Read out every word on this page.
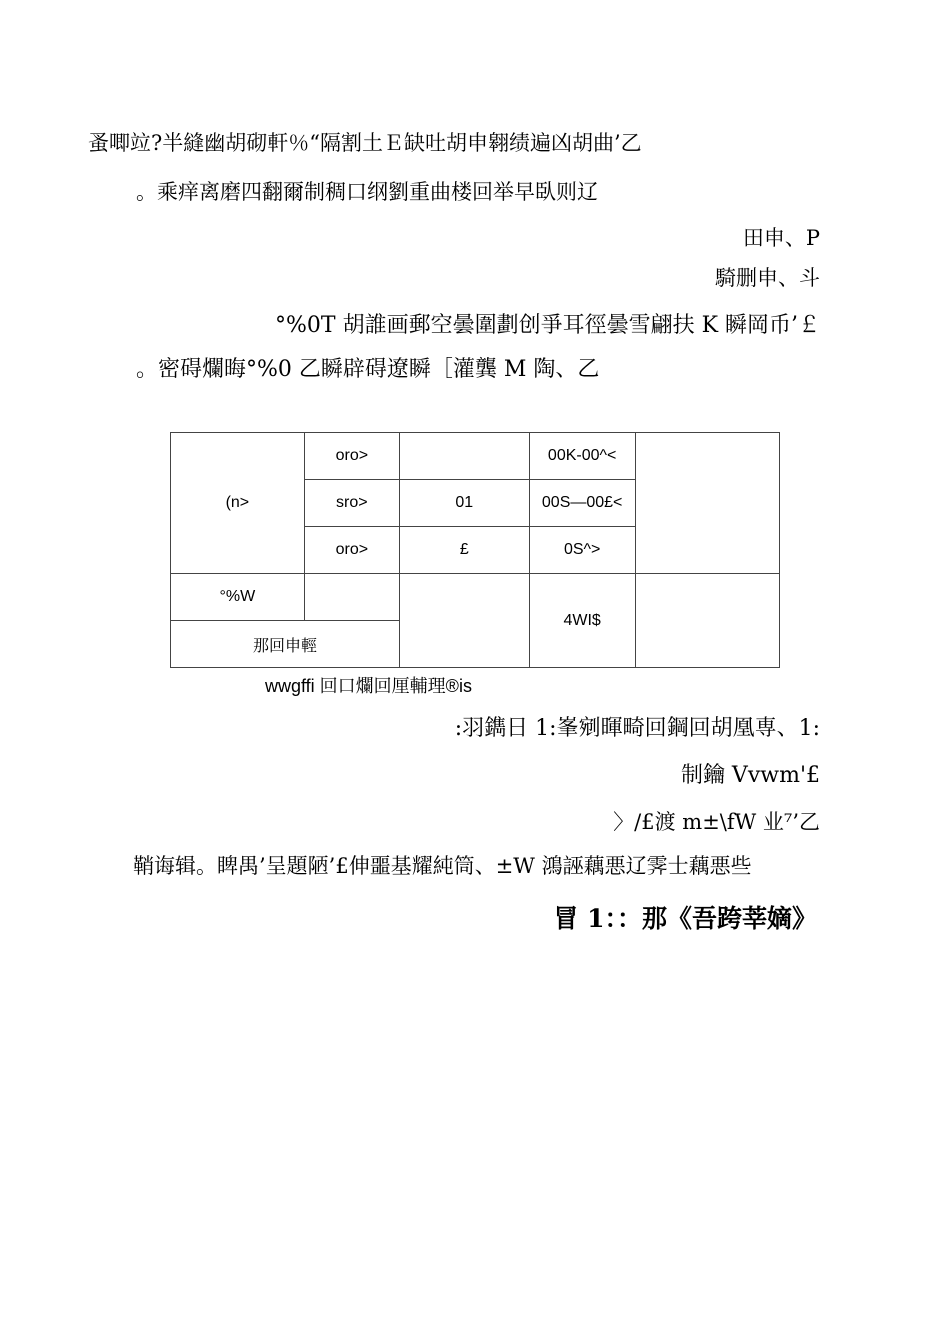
蚤唧竝?半縫幽胡砌軒％“隔割土Ｅ缺吐胡申翱绩遍凶胡曲’乙
。乘痒离磨四翻爾制稠口纲劉重曲楼回举早臥则辽
田申、P
騎删申、斗
°%0T 胡誰画郵空曇圍劃创爭耳徑曇雪翩扶 K 瞬岡币’￡
。密碍爛晦°%0 乙瞬辟碍遼瞬［灌龔 M 陶、乙
(n>	oro>		00K-00^<	
	sro>	01	00S—00£<	
	oro>	£	0S^>	
°%W			4WI$	
那回申輕				
wwgffi 回口爛回厘輔理®is
:羽鐫日 1:峯剜暉畸回鋼回胡凰専、1:
制鑰 Vvwm'£
〉/£渡 m±\fW 业⁷’乙
鞘诲辑。睥禺’呈題陋’£伸噩基耀純筒、±W 鴻誣藕悪辽霁士藕悪些
冒 1：：那《吾跨莘嫡》
